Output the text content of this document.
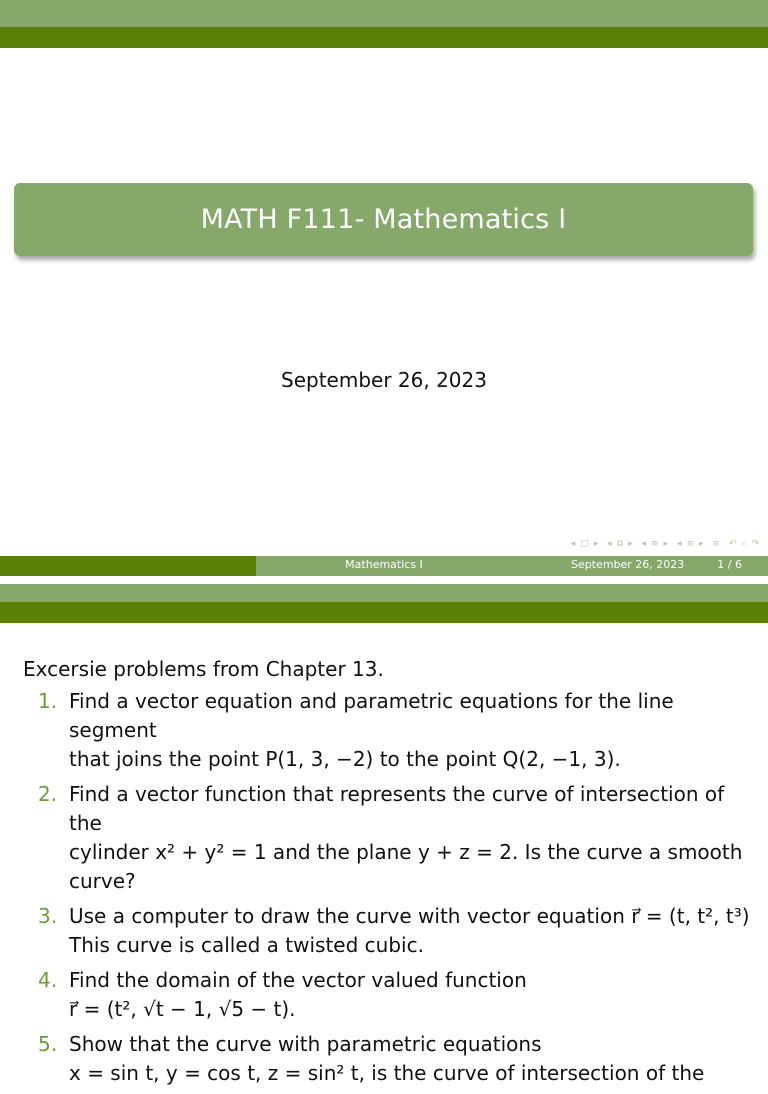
MATH F111- Mathematics I
September 26, 2023
◂ □ ▸ ◂ ⧉ ▸ ◂ ≡ ▸ ◂ ≡ ▸ ≡ ↶ ⌕ ↷
Mathematics I	September 26, 2023	1 / 6
Excersie problems from Chapter 13.
1. Find a vector equation and parametric equations for the line segment
that joins the point P(1, 3, −2) to the point Q(2, −1, 3).
2. Find a vector function that represents the curve of intersection of the
cylinder x² + y² = 1 and the plane y + z = 2. Is the curve a smooth
curve?
3. Use a computer to draw the curve with vector equation r⃗ = (t, t², t³)
This curve is called a twisted cubic.
4. Find the domain of the vector valued function
r⃗ = (t², √t − 1, √5 − t).
5. Show that the curve with parametric equations
x = sin t, y = cos t, z = sin² t, is the curve of intersection of the
